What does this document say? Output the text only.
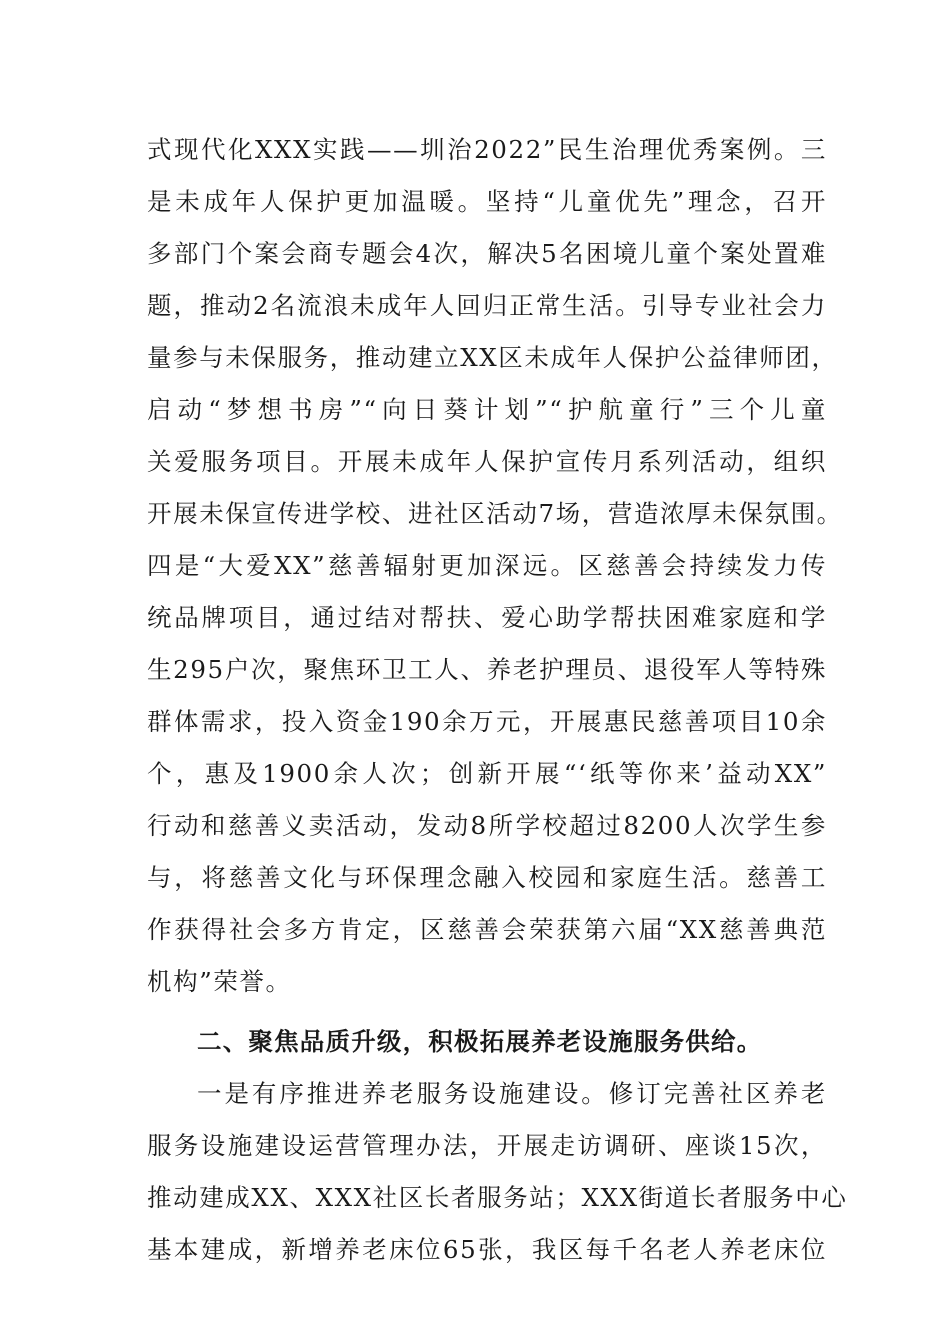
式现代化XXX实践——圳治2022”民生治理优秀案例。三
是未成年人保护更加温暖。坚持“儿童优先”理念，召开
多部门个案会商专题会4次，解决5名困境儿童个案处置难
题，推动2名流浪未成年人回归正常生活。引导专业社会力
量参与未保服务，推动建立XX区未成年人保护公益律师团，
启动“梦想书房”“向日葵计划”“护航童行”三个儿童
关爱服务项目。开展未成年人保护宣传月系列活动，组织
开展未保宣传进学校、进社区活动7场，营造浓厚未保氛围。
四是“大爱XX”慈善辐射更加深远。区慈善会持续发力传
统品牌项目，通过结对帮扶、爱心助学帮扶困难家庭和学
生295户次，聚焦环卫工人、养老护理员、退役军人等特殊
群体需求，投入资金190余万元，开展惠民慈善项目10余
个，惠及1900余人次；创新开展“‘纸等你来’益动XX”
行动和慈善义卖活动，发动8所学校超过8200人次学生参
与，将慈善文化与环保理念融入校园和家庭生活。慈善工
作获得社会多方肯定，区慈善会荣获第六届“XX慈善典范
机构”荣誉。
二、聚焦品质升级，积极拓展养老设施服务供给。
一是有序推进养老服务设施建设。修订完善社区养老
服务设施建设运营管理办法，开展走访调研、座谈15次，
推动建成XX、XXX社区长者服务站；XXX街道长者服务中心
基本建成，新增养老床位65张，我区每千名老人养老床位
